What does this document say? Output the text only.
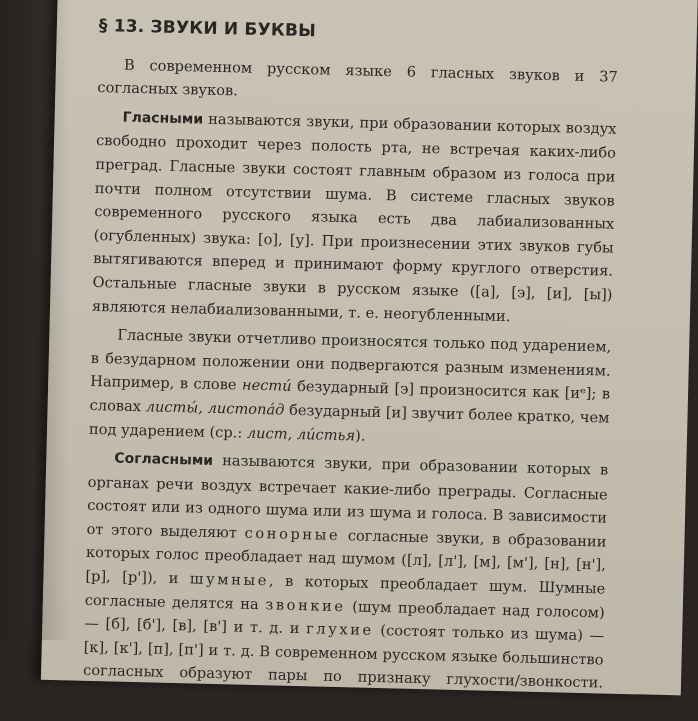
§ 13. ЗВУКИ И БУКВЫ

В современном русском языке 6 гласных звуков и 37 согласных звуков.

Гласными называются звуки, при образовании которых воздух свободно проходит через полость рта, не встречая каких-либо преград. Гласные звуки состоят главным образом из голоса при почти полном отсутствии шума. В системе гласных звуков современного русского языка есть два лабиализованных (огубленных) звука: [о], [у]. При произнесении этих звуков губы вытягиваются вперед и принимают форму круглого отверстия. Остальные гласные звуки в русском языке ([а], [э], [и], [ы]) являются нелабиализованными, т. е. неогубленными.

Гласные звуки отчетливо произносятся только под ударением, в безударном положении они подвергаются разным изменениям. Например, в слове нести́ безударный [э] произносится как [иᵉ]; в словах листы́, листопа́д безударный [и] звучит более кратко, чем под ударением (ср.: лист, ли́стья).

Согласными называются звуки, при образовании которых в органах речи воздух встречает какие-либо преграды. Согласные состоят или из одного шума или из шума и голоса. В зависимости от этого выделяют сонорные согласные звуки, в образовании которых голос преобладает над шумом ([л], [л'], [м], [м'], [н], [н'], [р], [р']), и шумные, в которых преобладает шум. Шумные согласные делятся на звонкие (шум преобладает над голосом) — [б], [б'], [в], [в'] и т. д. и глухие (состоят только из шума) — [к], [к'], [п], [п'] и т. д. В современном русском языке большинство согласных образуют пары по признаку глухости/звонкости. Однако некоторые согласные являются только
